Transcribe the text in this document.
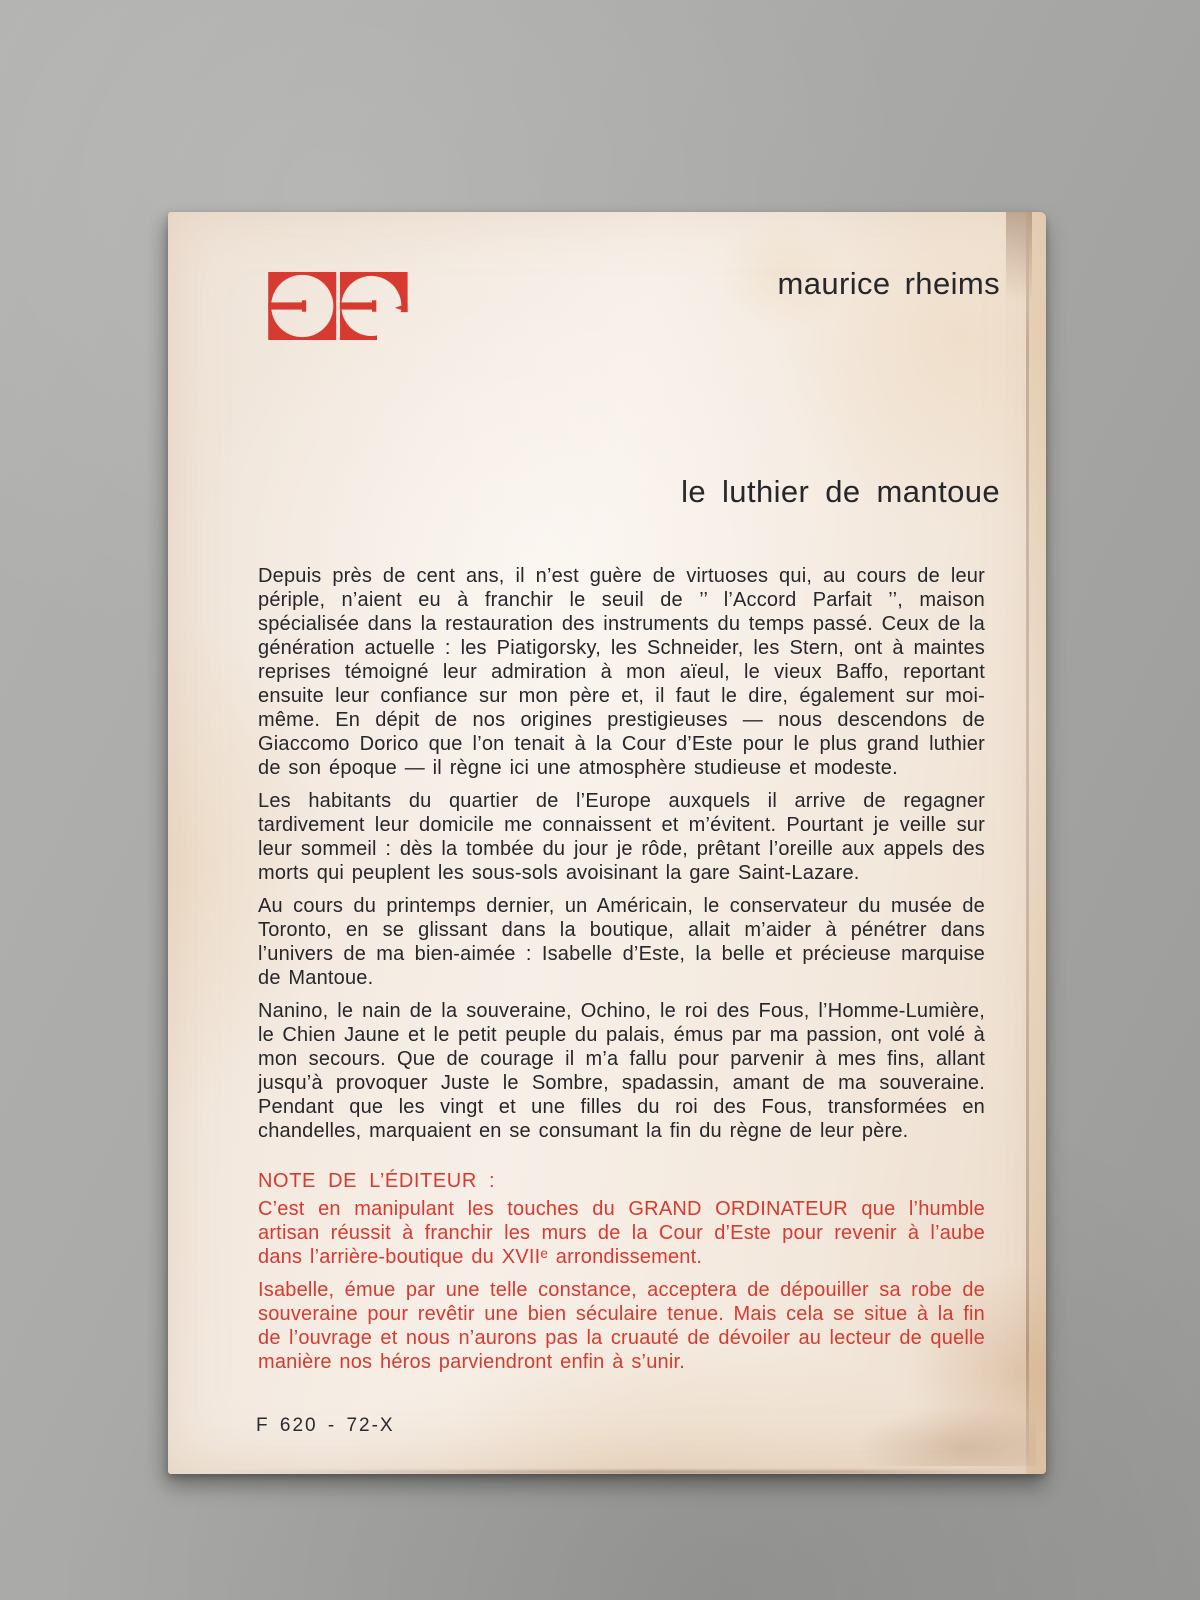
maurice rheims
le luthier de mantoue

Depuis près de cent ans, il n’est guère de virtuoses qui, au cours de leur périple, n’aient eu à franchir le seuil de ’’ l’Accord Parfait ’’, maison spécialisée dans la restauration des instruments du temps passé. Ceux de la génération actuelle : les Piatigorsky, les Schneider, les Stern, ont à maintes reprises témoigné leur admiration à mon aïeul, le vieux Baffo, reportant ensuite leur confiance sur mon père et, il faut le dire, également sur moi-même. En dépit de nos origines prestigieuses — nous descendons de Giaccomo Dorico que l’on tenait à la Cour d’Este pour le plus grand luthier de son époque — il règne ici une atmosphère studieuse et modeste.

Les habitants du quartier de l’Europe auxquels il arrive de regagner tardivement leur domicile me connaissent et m’évitent. Pourtant je veille sur leur sommeil : dès la tombée du jour je rôde, prêtant l’oreille aux appels des morts qui peuplent les sous-sols avoisinant la gare Saint-Lazare.

Au cours du printemps dernier, un Américain, le conservateur du musée de Toronto, en se glissant dans la boutique, allait m’aider à pénétrer dans l’univers de ma bien-aimée : Isabelle d’Este, la belle et précieuse marquise de Mantoue.

Nanino, le nain de la souveraine, Ochino, le roi des Fous, l’Homme-Lumière, le Chien Jaune et le petit peuple du palais, émus par ma passion, ont volé à mon secours. Que de courage il m’a fallu pour parvenir à mes fins, allant jusqu’à provoquer Juste le Sombre, spadassin, amant de ma souveraine. Pendant que les vingt et une filles du roi des Fous, transformées en chandelles, marquaient en se consumant la fin du règne de leur père.

NOTE DE L’ÉDITEUR :

C’est en manipulant les touches du GRAND ORDINATEUR que l’humble artisan réussit à franchir les murs de la Cour d’Este pour revenir à l’aube dans l’arrière-boutique du XVIIᵉ arrondissement.

Isabelle, émue par une telle constance, acceptera de dépouiller sa robe de souveraine pour revêtir une bien séculaire tenue. Mais cela se situe à la fin de l’ouvrage et nous n’aurons pas la cruauté de dévoiler au lecteur de quelle manière nos héros parviendront enfin à s’unir.

F 620 - 72-X
